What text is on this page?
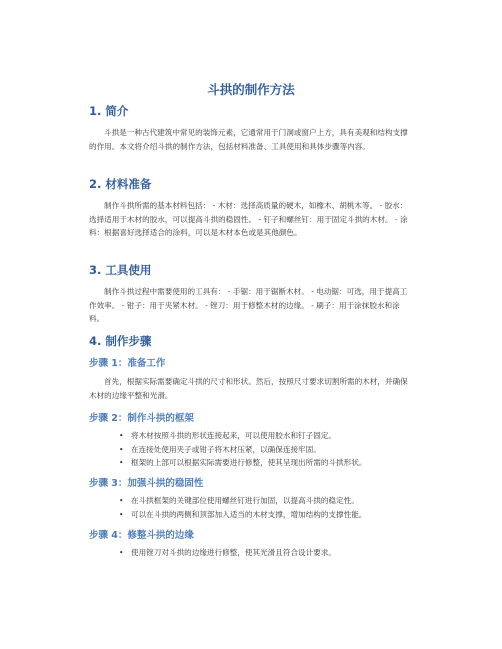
斗拱的制作方法
1. 简介

斗拱是一种古代建筑中常见的装饰元素，它通常用于门洞或窗户上方，具有美观和结构支撑的作用。本文将介绍斗拱的制作方法，包括材料准备、工具使用和具体步骤等内容。

2. 材料准备

制作斗拱所需的基本材料包括： - 木材：选择高质量的硬木，如橡木、胡桃木等。 - 胶水：选择适用于木材的胶水，可以提高斗拱的稳固性。 - 钉子和螺丝钉：用于固定斗拱的木材。 - 涂料：根据喜好选择适合的涂料，可以是木材本色或是其他颜色。

3. 工具使用

制作斗拱过程中需要使用的工具有： - 手锯：用于锯断木材。 - 电动锯：可选，用于提高工作效率。 - 钳子：用于夹紧木材。 - 锉刀：用于修整木材的边缘。 - 刷子：用于涂抹胶水和涂料。

4. 制作步骤
步骤 1：准备工作

首先，根据实际需要确定斗拱的尺寸和形状。然后，按照尺寸要求切割所需的木材，并确保木材的边缘平整和光滑。

步骤 2：制作斗拱的框架
• 将木材按照斗拱的形状连接起来，可以使用胶水和钉子固定。
• 在连接处使用夹子或钳子将木材压紧，以确保连接牢固。
• 框架的上部可以根据实际需要进行修整，使其呈现出所需的斗拱形状。
步骤 3：加强斗拱的稳固性
• 在斗拱框架的关键部位使用螺丝钉进行加固，以提高斗拱的稳定性。
• 可以在斗拱的两侧和顶部加入适当的木材支撑，增加结构的支撑性能。
步骤 4：修整斗拱的边缘
• 使用锉刀对斗拱的边缘进行修整，使其光滑且符合设计要求。
